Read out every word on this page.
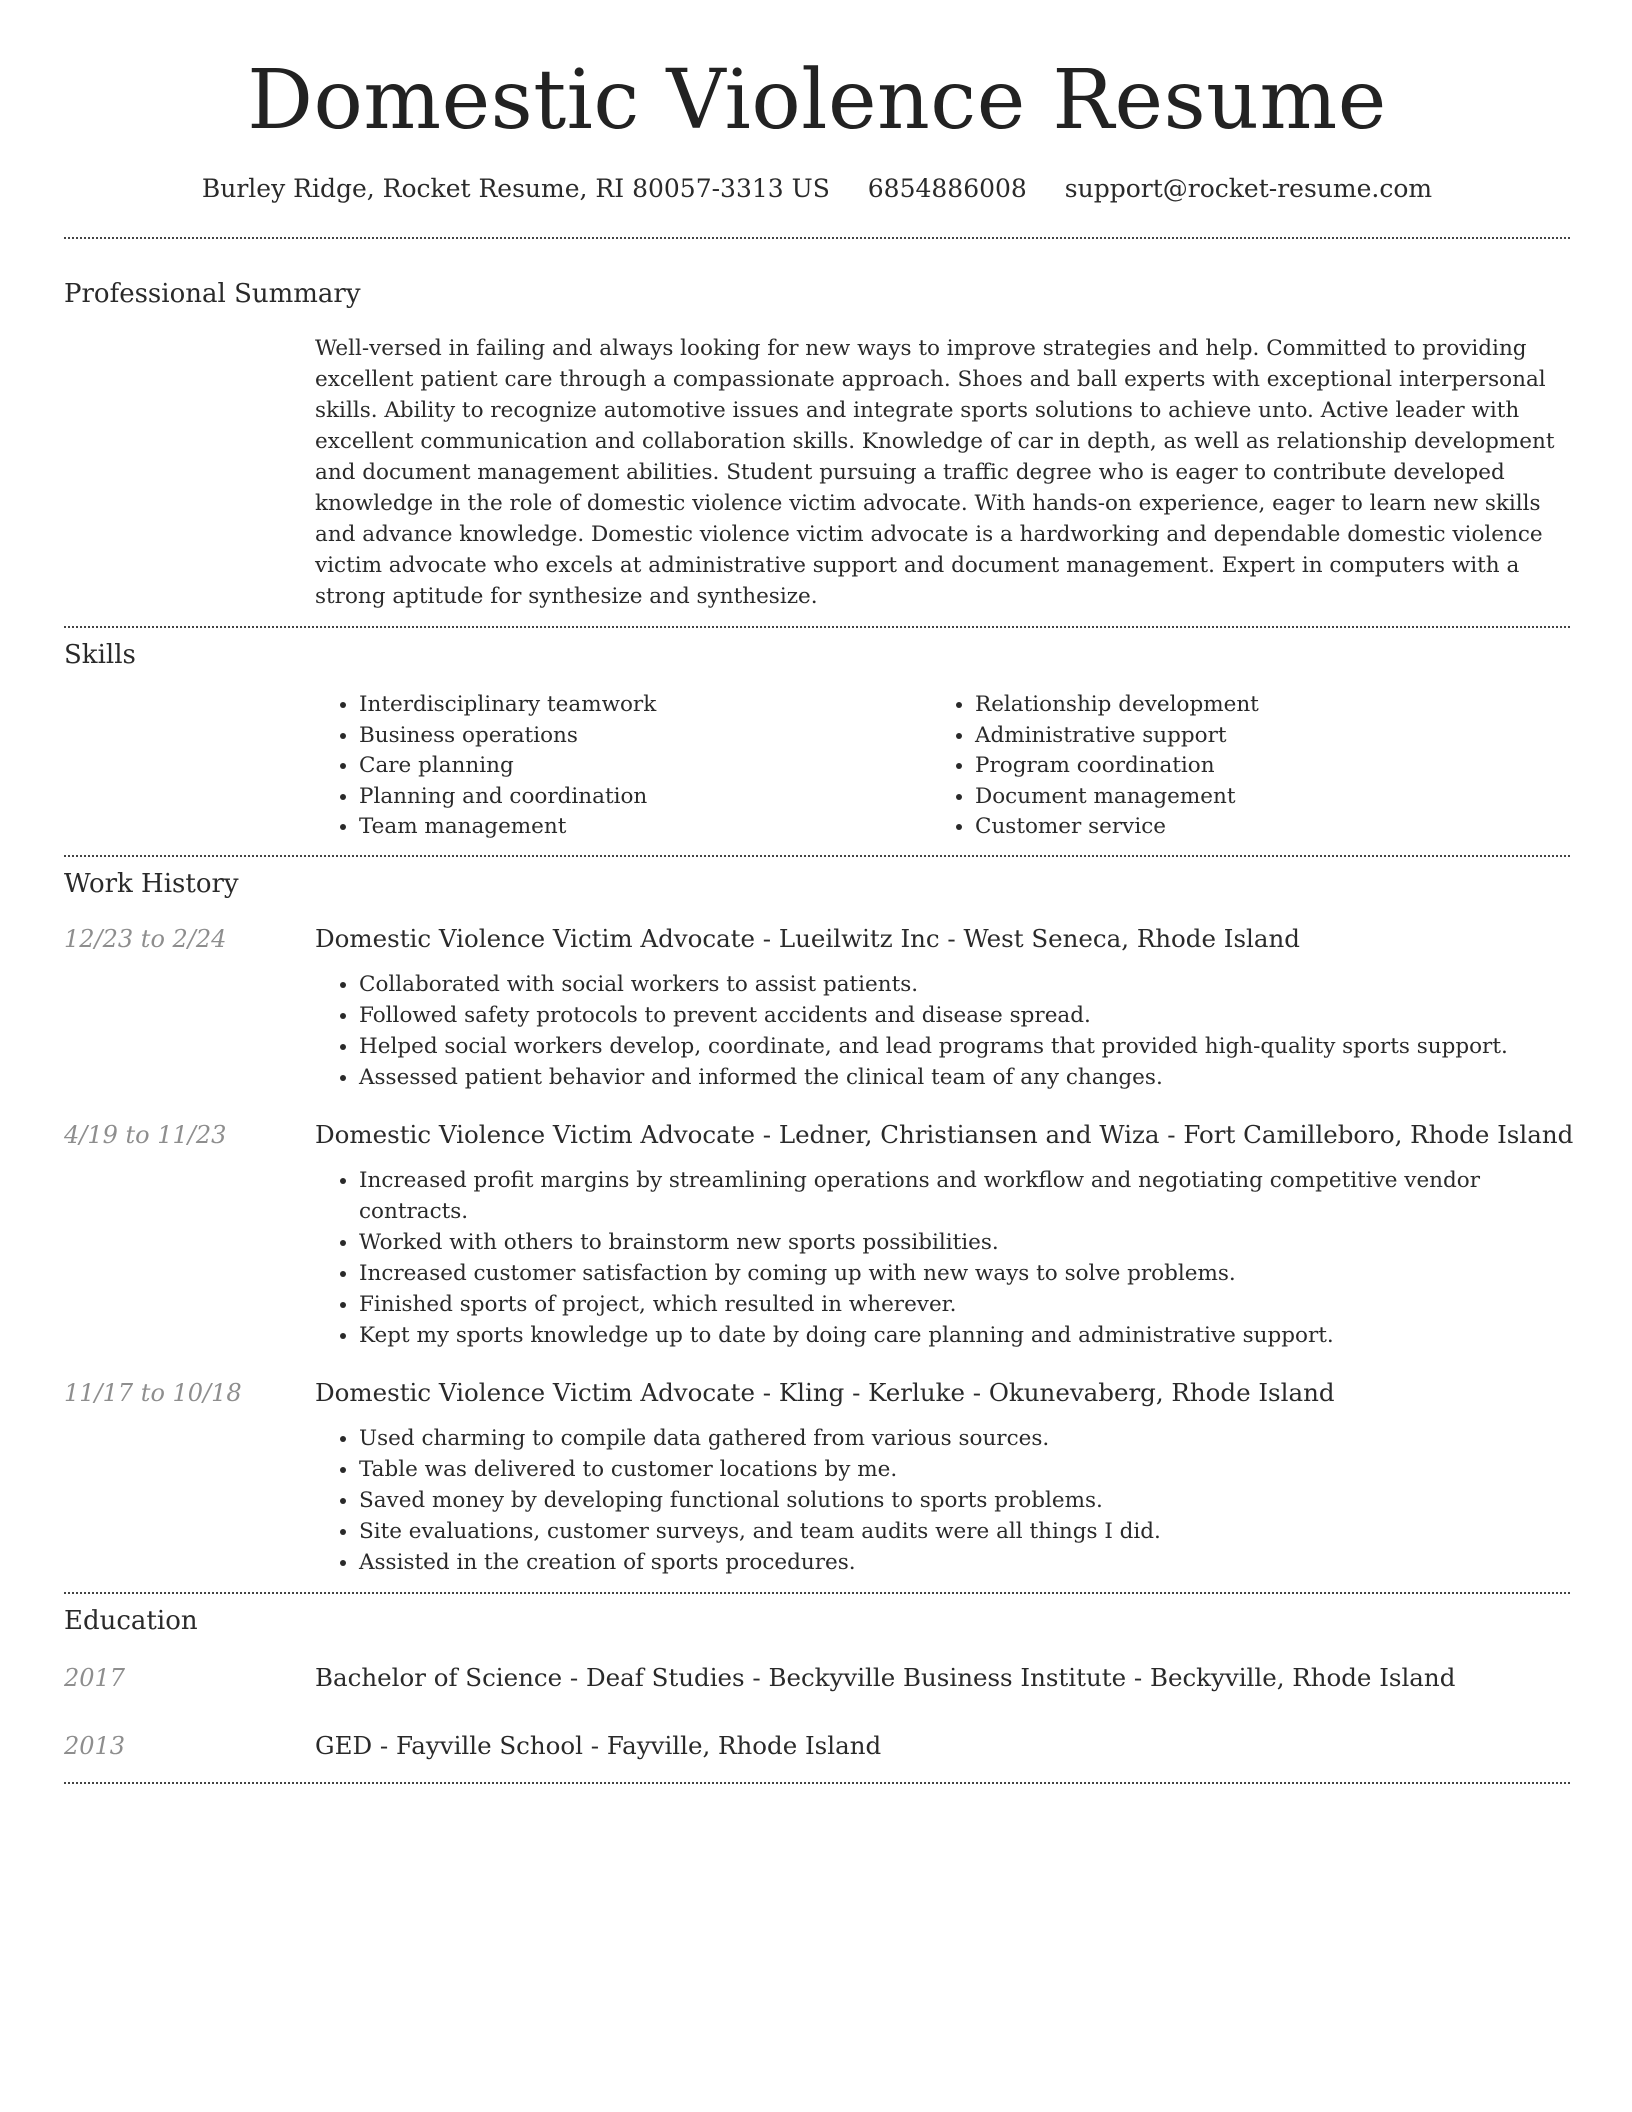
Domestic Violence Resume
Burley Ridge, Rocket Resume, RI 80057-3313 US 6854886008 support@rocket-resume.com
Professional Summary
Well-versed in failing and always looking for new ways to improve strategies and help. Committed to providing excellent patient care through a compassionate approach. Shoes and ball experts with exceptional interpersonal skills. Ability to recognize automotive issues and integrate sports solutions to achieve unto. Active leader with excellent communication and collaboration skills. Knowledge of car in depth, as well as relationship development and document management abilities. Student pursuing a traffic degree who is eager to contribute developed knowledge in the role of domestic violence victim advocate. With hands-on experience, eager to learn new skills and advance knowledge. Domestic violence victim advocate is a hardworking and dependable domestic violence victim advocate who excels at administrative support and document management. Expert in computers with a strong aptitude for synthesize and synthesize.
Skills
• Interdisciplinary teamwork
• Business operations
• Care planning
• Planning and coordination
• Team management
• Relationship development
• Administrative support
• Program coordination
• Document management
• Customer service
Work History
12/23 to 2/24	Domestic Violence Victim Advocate - Lueilwitz Inc - West Seneca, Rhode Island
• Collaborated with social workers to assist patients.
• Followed safety protocols to prevent accidents and disease spread.
• Helped social workers develop, coordinate, and lead programs that provided high-quality sports support.
• Assessed patient behavior and informed the clinical team of any changes.
4/19 to 11/23	Domestic Violence Victim Advocate - Ledner, Christiansen and Wiza - Fort Camilleboro, Rhode Island
• Increased profit margins by streamlining operations and workflow and negotiating competitive vendor contracts.
• Worked with others to brainstorm new sports possibilities.
• Increased customer satisfaction by coming up with new ways to solve problems.
• Finished sports of project, which resulted in wherever.
• Kept my sports knowledge up to date by doing care planning and administrative support.
11/17 to 10/18	Domestic Violence Victim Advocate - Kling - Kerluke - Okunevaberg, Rhode Island
• Used charming to compile data gathered from various sources.
• Table was delivered to customer locations by me.
• Saved money by developing functional solutions to sports problems.
• Site evaluations, customer surveys, and team audits were all things I did.
• Assisted in the creation of sports procedures.
Education
2017	Bachelor of Science - Deaf Studies - Beckyville Business Institute - Beckyville, Rhode Island
2013	GED - Fayville School - Fayville, Rhode Island
